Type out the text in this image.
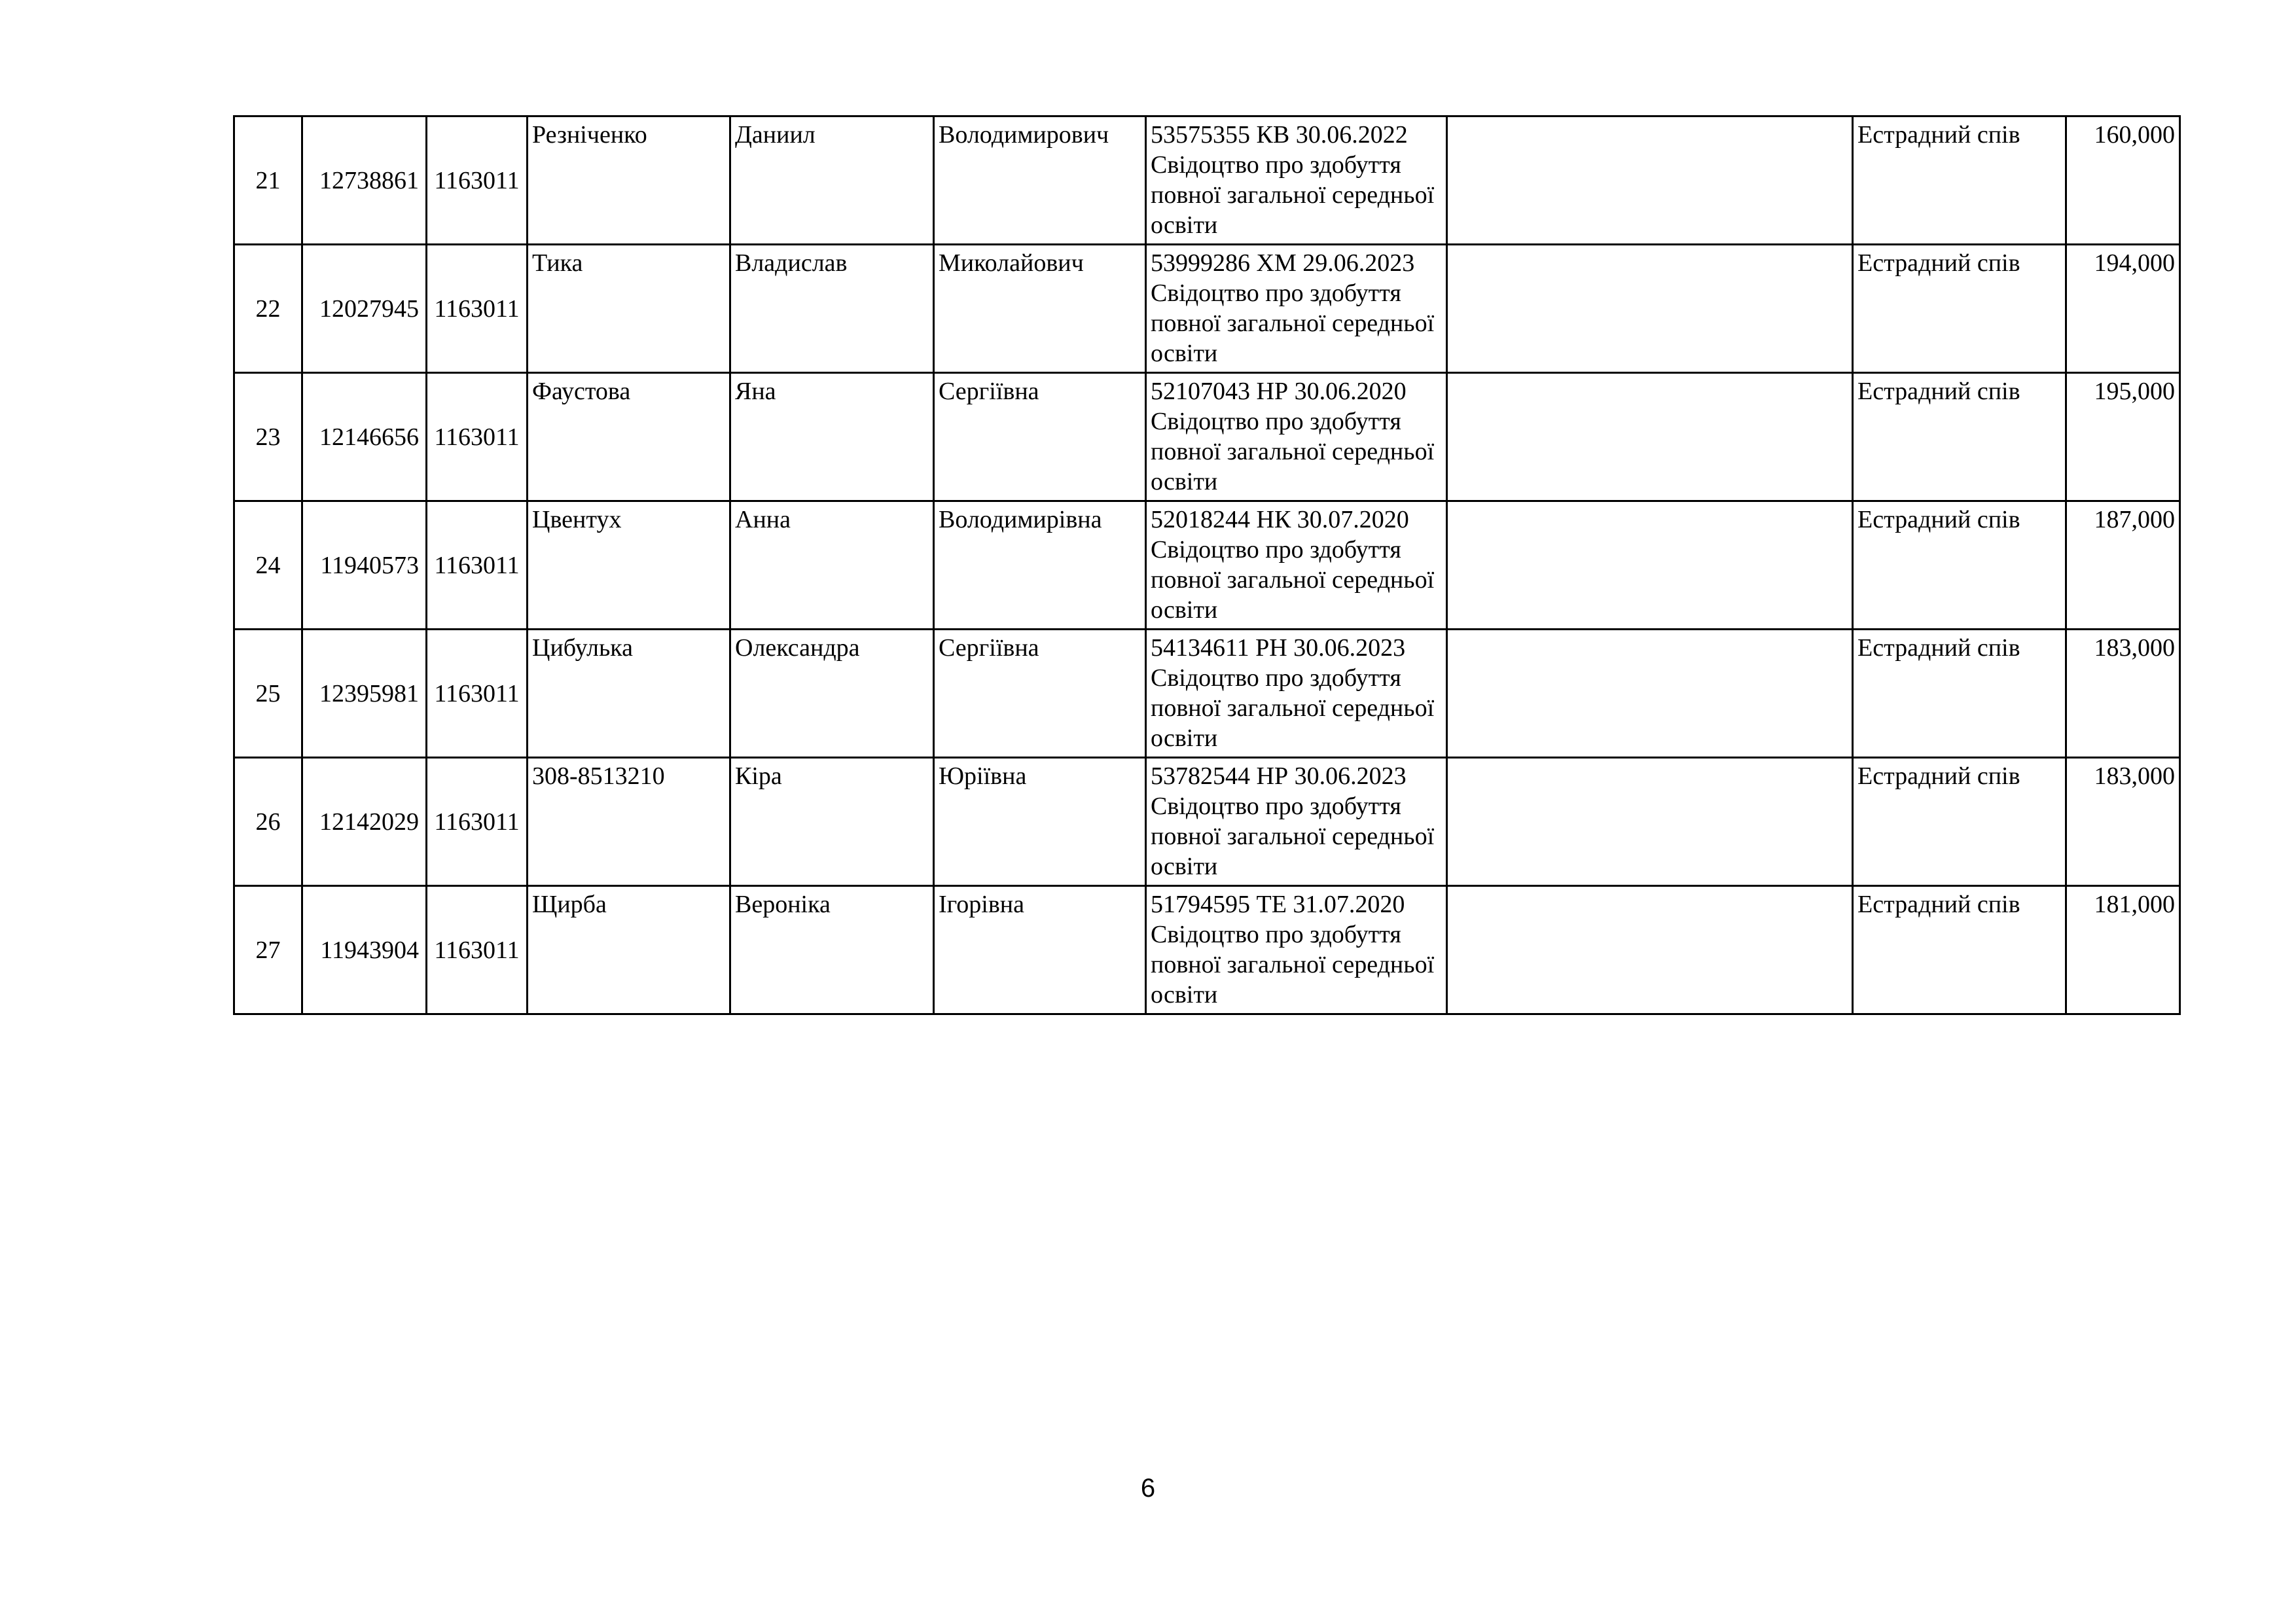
21	12738861	1163011	Резніченко	Даниил	Володимирович	53575355 КВ 30.06.2022
Свідоцтво про здобуття повної загальної середньої освіти		Естрадний спів	160,000
22	12027945	1163011	Тика	Владислав	Миколайович	53999286 ХМ 29.06.2023
Свідоцтво про здобуття повної загальної середньої освіти		Естрадний спів	194,000
23	12146656	1163011	Фаустова	Яна	Сергіївна	52107043 НР 30.06.2020
Свідоцтво про здобуття повної загальної середньої освіти		Естрадний спів	195,000
24	11940573	1163011	Цвентух	Анна	Володимирівна	52018244 НК 30.07.2020
Свідоцтво про здобуття повної загальної середньої освіти		Естрадний спів	187,000
25	12395981	1163011	Цибулька	Олександра	Сергіївна	54134611 РН 30.06.2023
Свідоцтво про здобуття повної загальної середньої освіти		Естрадний спів	183,000
26	12142029	1163011	308-8513210	Кіра	Юріївна	53782544 НР 30.06.2023
Свідоцтво про здобуття повної загальної середньої освіти		Естрадний спів	183,000
27	11943904	1163011	Щирба	Вероніка	Ігорівна	51794595 ТЕ 31.07.2020
Свідоцтво про здобуття повної загальної середньої освіти		Естрадний спів	181,000
6
